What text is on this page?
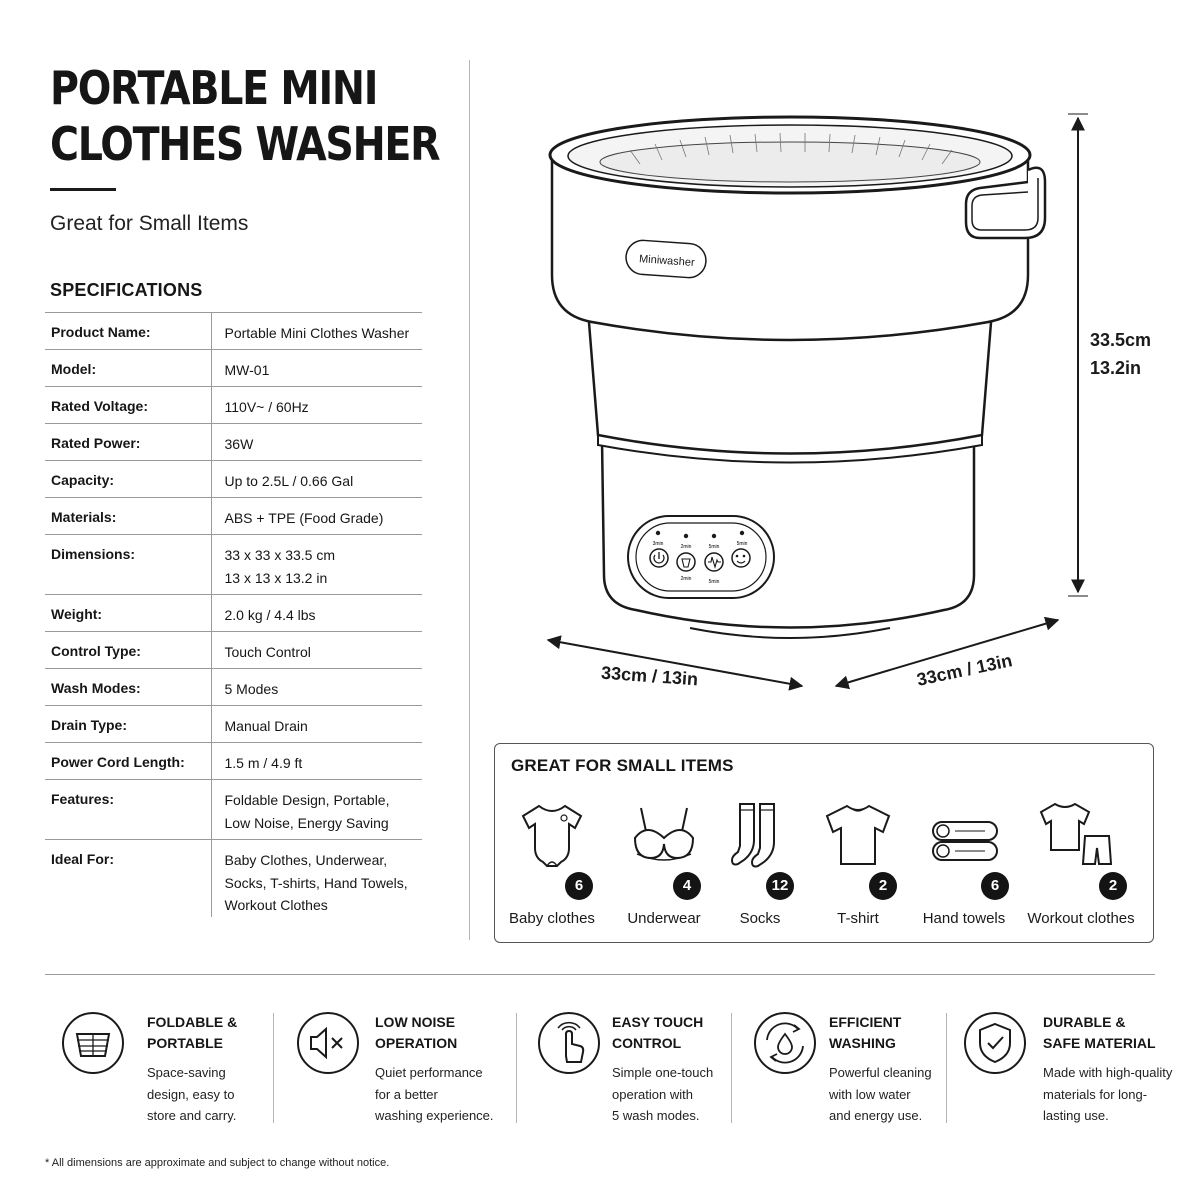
PORTABLE MINI
CLOTHES WASHER
Great for Small Items
SPECIFICATIONS
Product Name:	Portable Mini Clothes Washer

Model:	MW-01

Rated Voltage:	110V~ / 60Hz

Rated Power:	36W

Capacity:	Up to 2.5L / 0.66 Gal

Materials:	ABS + TPE (Food Grade)

Dimensions:	33 x 33 x 33.5 cm
13 x 13 x 13.2 in

Weight:	2.0 kg / 4.4 lbs

Control Type:	Touch Control

Wash Modes:	5 Modes

Drain Type:	Manual Drain

Power Cord Length:	1.5 m / 4.9 ft

Features:	Foldable Design, Portable,
Low Noise, Energy Saving

Ideal For:	Baby Clothes, Underwear,
Socks, T-shirts, Hand Towels,
Workout Clothes
Miniwasher
3min	2min	5min	5min
2min	5min
33.5cm
13.2in
33cm / 13in	33cm / 13in
GREAT FOR SMALL ITEMS
6
Baby clothes
4
Underwear
12
Socks
2
T-shirt
6
Hand towels
2
Workout clothes
FOLDABLE &
PORTABLE
Space-saving
design, easy to
store and carry.
LOW NOISE
OPERATION
Quiet performance
for a better
washing experience.
EASY TOUCH
CONTROL
Simple one-touch
operation with
5 wash modes.
EFFICIENT
WASHING
Powerful cleaning
with low water
and energy use.
DURABLE &
SAFE MATERIAL
Made with high-quality
materials for long-
lasting use.
* All dimensions are approximate and subject to change without notice.
